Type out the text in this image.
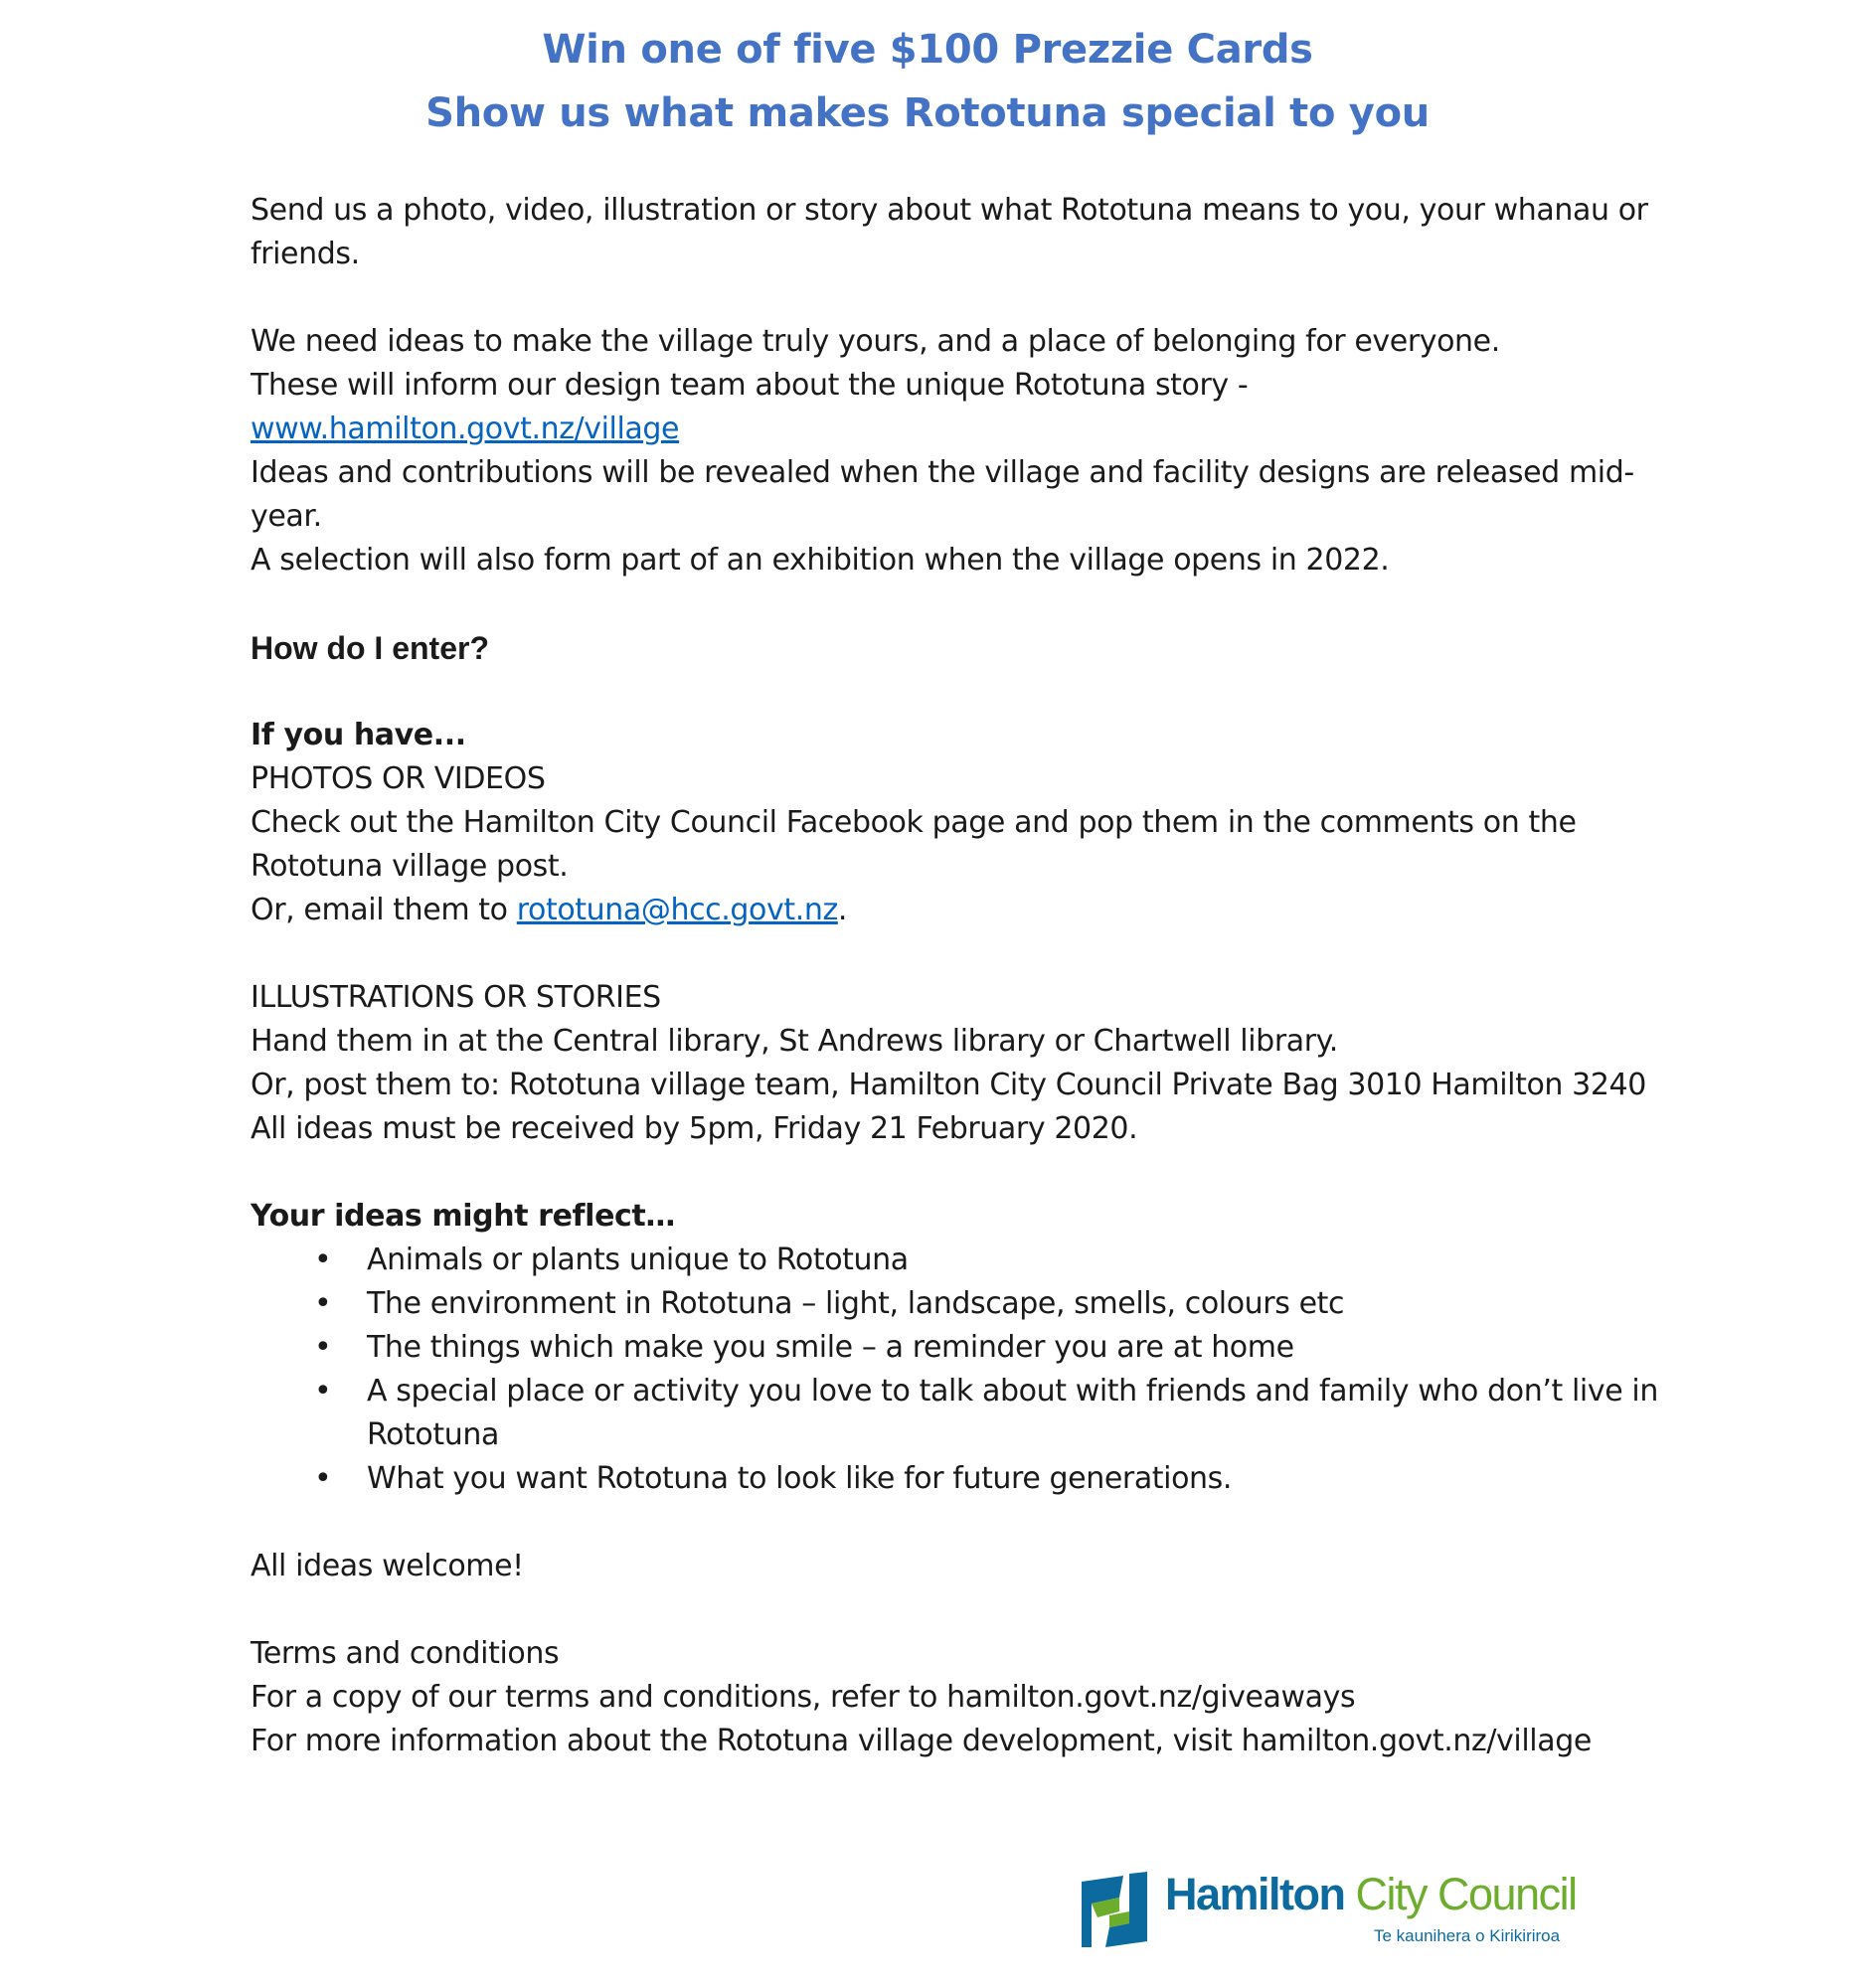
Win one of five $100 Prezzie Cards
Show us what makes Rototuna special to you

Send us a photo, video, illustration or story about what Rototuna means to you, your whanau or friends.

We need ideas to make the village truly yours, and a place of belonging for everyone.

These will inform our design team about the unique Rototuna story -

www.hamilton.govt.nz/village

Ideas and contributions will be revealed when the village and facility designs are released mid-year.

A selection will also form part of an exhibition when the village opens in 2022.

How do I enter?

If you have...

PHOTOS OR VIDEOS

Check out the Hamilton City Council Facebook page and pop them in the comments on the Rototuna village post.

Or, email them to rototuna@hcc.govt.nz.

ILLUSTRATIONS OR STORIES

Hand them in at the Central library, St Andrews library or Chartwell library.

Or, post them to: Rototuna village team, Hamilton City Council Private Bag 3010 Hamilton 3240

All ideas must be received by 5pm, Friday 21 February 2020.

Your ideas might reflect…

• Animals or plants unique to Rototuna
• The environment in Rototuna – light, landscape, smells, colours etc
• The things which make you smile – a reminder you are at home
• A special place or activity you love to talk about with friends and family who don’t live in Rototuna
• What you want Rototuna to look like for future generations.

All ideas welcome!

Terms and conditions

For a copy of our terms and conditions, refer to hamilton.govt.nz/giveaways

For more information about the Rototuna village development, visit hamilton.govt.nz/village

Hamilton City Council
Te kaunihera o Kirikiriroa
